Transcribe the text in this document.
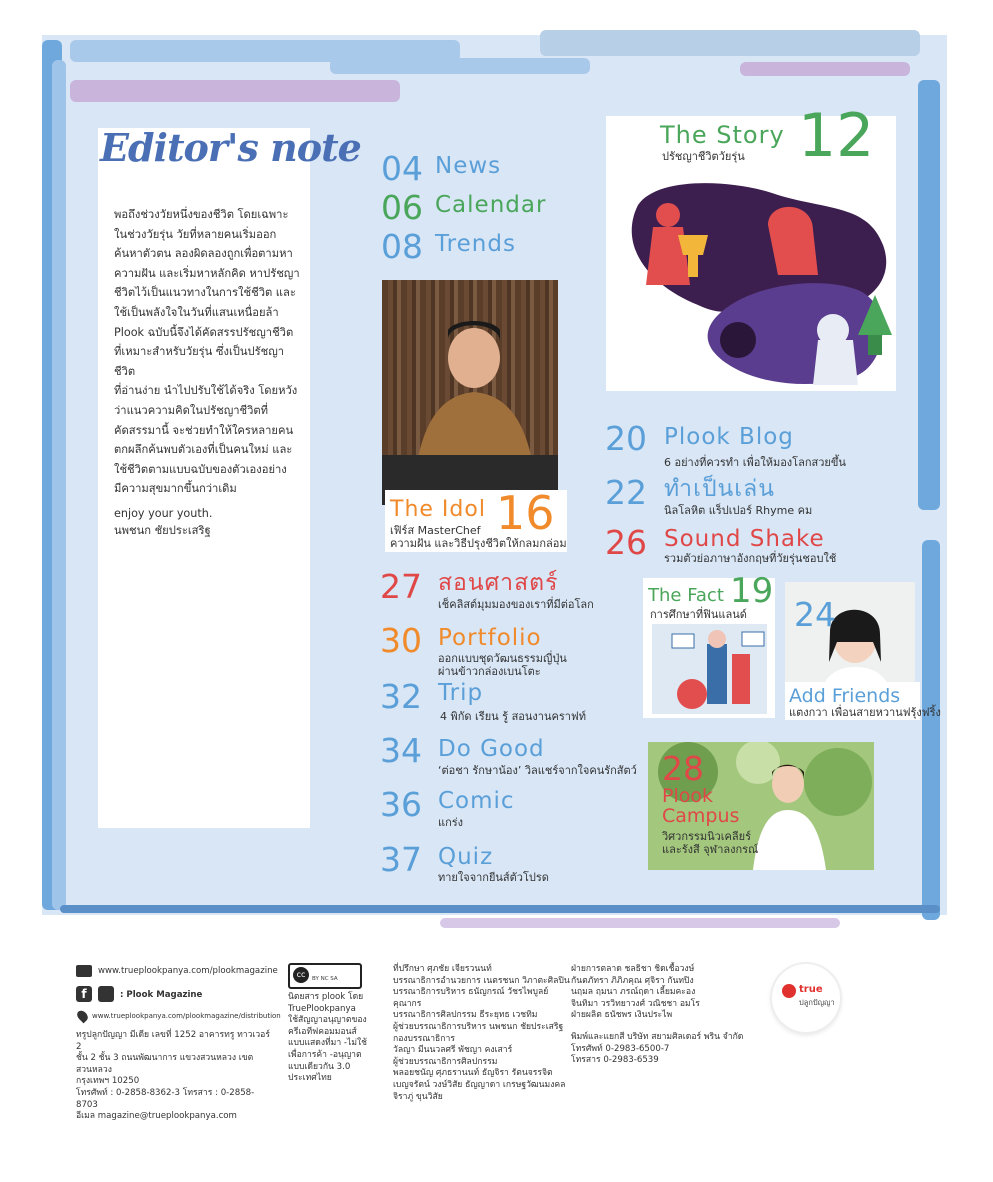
Editor's note
พอถึงช่วงวัยหนึ่งของชีวิต โดยเฉพาะ
ในช่วงวัยรุ่น วัยที่หลายคนเริ่มออก
ค้นหาตัวตน ลองผิดลองถูกเพื่อตามหา
ความฝัน และเริ่มหาหลักคิด หาปรัชญา
ชีวิตไว้เป็นแนวทางในการใช้ชีวิต และ
ใช้เป็นพลังใจในวันที่แสนเหนื่อยล้า
Plook ฉบับนี้จึงได้คัดสรรปรัชญาชีวิต
ที่เหมาะสำหรับวัยรุ่น ซึ่งเป็นปรัชญาชีวิต
ที่อ่านง่าย นำไปปรับใช้ได้จริง โดยหวัง
ว่าแนวความคิดในปรัชญาชีวิตที่
คัดสรรมานี้ จะช่วยทำให้ใครหลายคน
ตกผลึกค้นพบตัวเองที่เป็นคนใหม่ และ
ใช้ชีวิตตามแบบฉบับของตัวเองอย่าง
มีความสุขมากขึ้นกว่าเดิม
enjoy your youth.
นพชนก ชัยประเสริฐ
04 News
06 Calendar
08 Trends
The Story 12
ปรัชญาชีวิตวัยรุ่น
The Idol 16
เฟิร์ส MasterChef
ความฝัน และวิธีปรุงชีวิตให้กลมกล่อม
20 Plook Blog
6 อย่างที่ควรทำ เพื่อให้มองโลกสวยขึ้น
22 ทำเป็นเล่น
นิลโลหิต แร็ปเปอร์ Rhyme คม
26 Sound Shake
รวมตัวย่อภาษาอังกฤษที่วัยรุ่นชอบใช้
27 สอนศาสตร์
เช็คลิสต์มุมมองของเราที่มีต่อโลก
30 Portfolio
ออกแบบชุดวัฒนธรรมญี่ปุ่น
ผ่านข้าวกล่องเบนโตะ
32 Trip
4 พิกัด เรียน รู้ สอนงานคราฟท์
34 Do Good
‘ต่อชา รักษาน้อง’ วิลแชร์จากใจคนรักสัตว์
36 Comic
แกร่ง
37 Quiz
ทายใจจากยีนส์ตัวโปรด
The Fact 19
การศึกษาที่ฟินแลนด์ 24
Add Friends
แตงกวา เพื่อนสายหวานฟรุ้งฟริ้ง
28
Plook
Campus
วิศวกรรมนิวเคลียร์
และรังสี จุฬาลงกรณ์
www.trueplookpanya.com/plookmagazine
f	: Plook Magazine
www.trueplookpanya.com/plookmagazine/distribution
ทรูปลูกปัญญา มีเดีย เลขที่ 1252 อาคารทรู ทาวเวอร์ 2
ชั้น 2 ชั้น 3 ถนนพัฒนาการ แขวงสวนหลวง เขตสวนหลวง
กรุงเทพฯ 10250
โทรศัพท์ : 0-2858-8362-3 โทรสาร : 0-2858-8703
อีเมล magazine@trueplookpanya.com
cc	BY NC SA
นิตยสาร plook โดย
TruePlookpanya
ใช้สัญญาอนุญาตของ
ครีเอทีฟคอมมอนส์
แบบแสดงที่มา -ไม่ใช้
เพื่อการค้า -อนุญาต
แบบเดียวกัน 3.0
ประเทศไทย
ที่ปรึกษา ศุภชัย เจียรวนนท์
บรรณาธิการอำนวยการ เนตรชนก วิภาตะศิลปิน
บรรณาธิการบริหาร ธนัญกรณ์ วัชรไพบูลย์คุณากร
บรรณาธิการศิลปกรรม ธีระยุทธ เวชทิม
ผู้ช่วยบรรณาธิการบริหาร นพชนก ชัยประเสริฐ
กองบรรณาธิการ
วัลญา มีนนวลศรี พัชญา คงเสาร์
ผู้ช่วยบรรณาธิการศิลปกรรม
พลอยชนัญ ศุภธรานนท์ ธัญจิรา รัตนจรรจิต
เบญจรัตน์ วงษ์วิสัย ธัญญาดา เกรษฐวัฒนมงคล
จิราภู่ ขุนวิสัย
ฝ่ายการตลาด ชลธิชา ชิดเชื้อวงษ์
กันตภัทรา ภิภิภคุณ ศุจิรา กันทปิง
นฤมล ฤมนา ภรณ์ฤดา เลี้ยมคะอง
จินทิมา วรวิทยาวงศ์ วณิชชา อมโร
ฝ่ายผลิต ธนัชพร เงินประไพ
พิมพ์และแยกสี บริษัท สยามศิลเดอร์ พริน จำกัด
โทรศัพท์ 0-2983-6500-7
โทรสาร 0-2983-6539
true
ปลูกปัญญา
